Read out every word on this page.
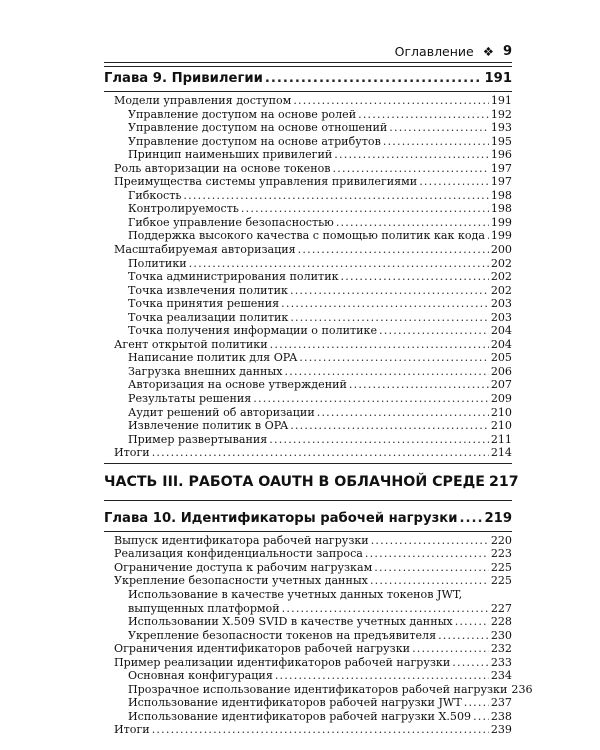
Оглавление ❖ 9
Глава 9. Привилегии .....	191
Модели управления доступом .....	191
Управление доступом на основе ролей .....	192
Управление доступом на основе отношений .....	193
Управление доступом на основе атрибутов .....	195
Принцип наименьших привилегий .....	196
Роль авторизации на основе токенов .....	197
Преимущества системы управления привилегиями .....	197
Гибкость .....	198
Контролируемость .....	198
Гибкое управление безопасностью .....	199
Поддержка высокого качества с помощью политик как кода ..... 199
Масштабируемая авторизация .....	200
Политики .....	202
Точка администрирования политик .....	202
Точка извлечения политик .....	202
Точка принятия решения .....	203
Точка реализации политик .....	203
Точка получения информации о политике .....	204
Агент открытой политики .....	204
Написание политик для OPA .....	205
Загрузка внешних данных .....	206
Авторизация на основе утверждений .....	207
Результаты решения .....	209
Аудит решений об авторизации .....	210
Извлечение политик в OPA .....	210
Пример развертывания .....	211
Итоги .....	214
ЧАСТЬ III. РАБОТА OAUTH В ОБЛАЧНОЙ СРЕДЕ 217
Глава 10. Идентификаторы рабочей нагрузки ..... 219
Выпуск идентификатора рабочей нагрузки .....	220
Реализация конфиденциальности запроса .....	223
Ограничение доступа к рабочим нагрузкам .....	225
Укрепление безопасности учетных данных .....	225
Использование в качестве учетных данных токенов JWT,
выпущенных платформой .....	227
Использовании X.509 SVID в качестве учетных данных .....	228
Укрепление безопасности токенов на предъявителя .....	230
Ограничения идентификаторов рабочей нагрузки .....	232
Пример реализации идентификаторов рабочей нагрузки .....	233
Основная конфигурация .....	234
Прозрачное использование идентификаторов рабочей нагрузки 236
Использование идентификаторов рабочей нагрузки JWT .....	237
Использование идентификаторов рабочей нагрузки X.509 ..... 238
Итоги .....	239
